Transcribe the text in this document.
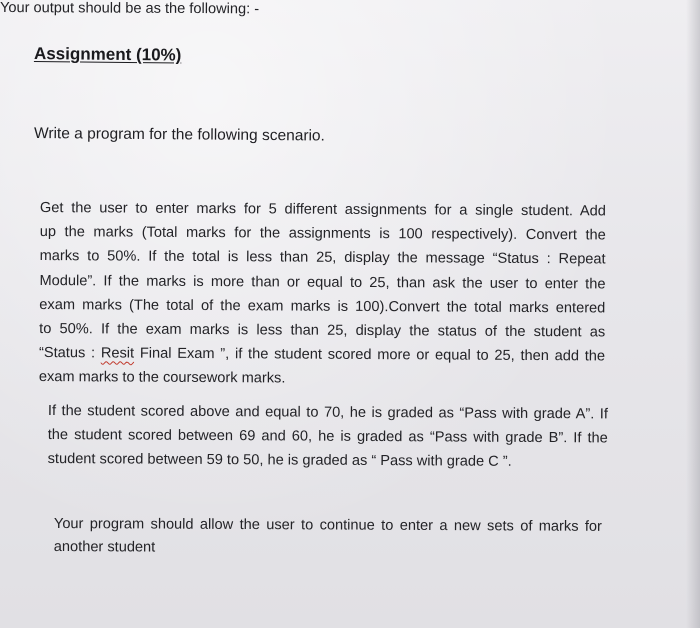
Assignment (10%)
Write a program for the following scenario.
Get the user to enter marks for 5 different assignments for a single student. Add
up the marks (Total marks for the assignments is 100 respectively). Convert the
marks to 50%. If the total is less than 25, display the message “Status : Repeat
Module”. If the marks is more than or equal to 25, than ask the user to enter the
exam marks (The total of the exam marks is 100).Convert the total marks entered
to 50%. If the exam marks is less than 25, display the status of the student as
“Status : Resit Final Exam ”, if the student scored more or equal to 25, then add the
exam marks to the coursework marks.
If the student scored above and equal to 70, he is graded as “Pass with grade A”. If
the student scored between 69 and 60, he is graded as “Pass with grade B”. If the
student scored between 59 to 50, he is graded as “ Pass with grade C ”.
Your program should allow the user to continue to enter a new sets of marks for
another student
Your output should be as the following: -
